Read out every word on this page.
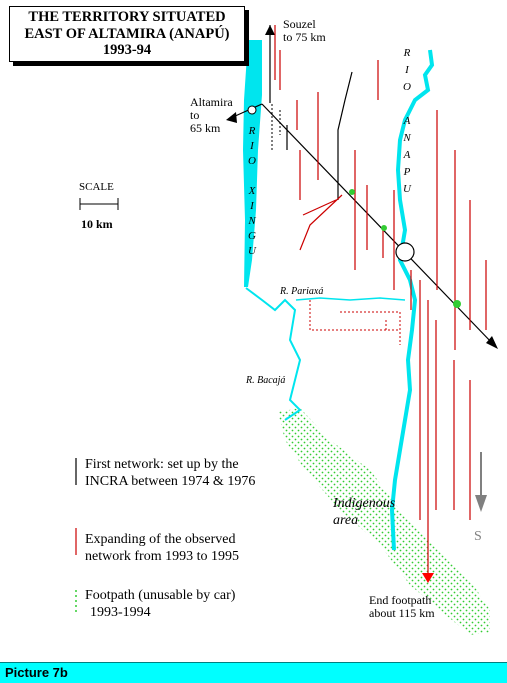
THE TERRITORY SITUATED
EAST OF ALTAMIRA (ANAPÚ)
1993-94
Souzel
to 75 km
Altamira
to
65 km	R
I
O

X
I
N
G
U
R
I
O

A
N
A
P
U
R. Pariaxá
R. Bacajá
SCALE
10 km
Indigenous
area
End footpath
about 115 km
S
First network: set up by the
INCRA between 1974 & 1976
Expanding of the observed
network from 1993 to 1995
Footpath (unusable by car)
1993-1994
Picture 7b
